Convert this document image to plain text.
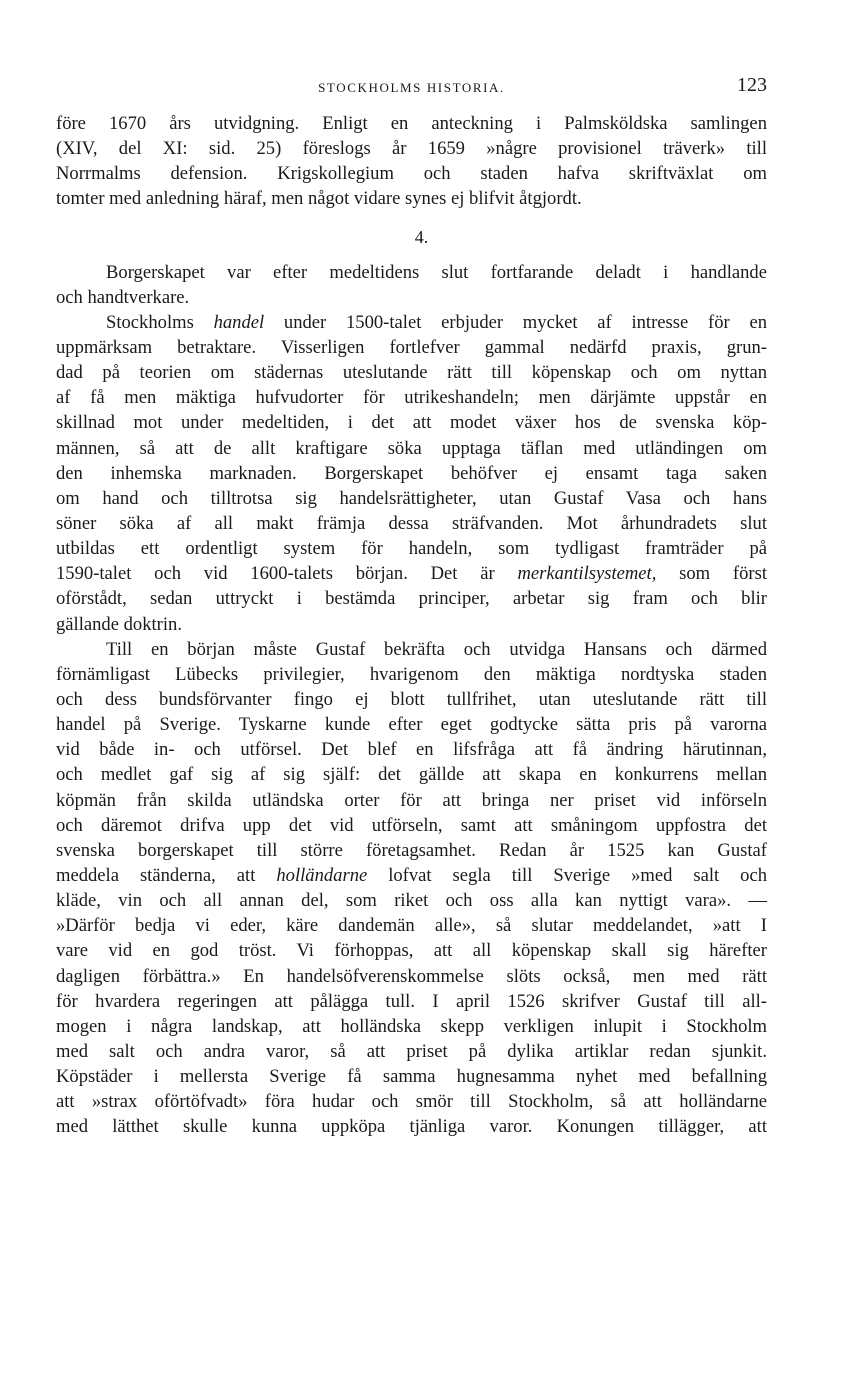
STOCKHOLMS HISTORIA.	123
före 1670 års utvidgning. Enligt en anteckning i Palmsköldska samlingen
(XIV, del XI: sid. 25) föreslogs år 1659 »någre provisionel träverk» till
Norrmalms defension. Krigskollegium och staden hafva skriftväxlat om
tomter med anledning häraf, men något vidare synes ej blifvit åtgjordt.
4.
Borgerskapet var efter medeltidens slut fortfarande deladt i handlande
och handtverkare.
Stockholms handel under 1500-talet erbjuder mycket af intresse för en
uppmärksam betraktare. Visserligen fortlefver gammal nedärfd praxis, grun-
dad på teorien om städernas uteslutande rätt till köpenskap och om nyttan
af få men mäktiga hufvudorter för utrikeshandeln; men därjämte uppstår en
skillnad mot under medeltiden, i det att modet växer hos de svenska köp-
männen, så att de allt kraftigare söka upptaga täflan med utländingen om
den inhemska marknaden. Borgerskapet behöfver ej ensamt taga saken
om hand och tilltrotsa sig handelsrättigheter, utan Gustaf Vasa och hans
söner söka af all makt främja dessa sträfvanden. Mot århundradets slut
utbildas ett ordentligt system för handeln, som tydligast framträder på
1590-talet och vid 1600-talets början. Det är merkantilsystemet, som först
oförstådt, sedan uttryckt i bestämda principer, arbetar sig fram och blir
gällande doktrin.
Till en början måste Gustaf bekräfta och utvidga Hansans och därmed
förnämligast Lübecks privilegier, hvarigenom den mäktiga nordtyska staden
och dess bundsförvanter fingo ej blott tullfrihet, utan uteslutande rätt till
handel på Sverige. Tyskarne kunde efter eget godtycke sätta pris på varorna
vid både in- och utförsel. Det blef en lifsfråga att få ändring härutinnan,
och medlet gaf sig af sig själf: det gällde att skapa en konkurrens mellan
köpmän från skilda utländska orter för att bringa ner priset vid införseln
och däremot drifva upp det vid utförseln, samt att småningom uppfostra det
svenska borgerskapet till större företagsamhet. Redan år 1525 kan Gustaf
meddela ständerna, att holländarne lofvat segla till Sverige »med salt och
kläde, vin och all annan del, som riket och oss alla kan nyttigt vara». —
»Därför bedja vi eder, käre dandemän alle», så slutar meddelandet, »att I
vare vid en god tröst. Vi förhoppas, att all köpenskap skall sig härefter
dagligen förbättra.» En handelsöfverenskommelse slöts också, men med rätt
för hvardera regeringen att pålägga tull. I april 1526 skrifver Gustaf till all-
mogen i några landskap, att holländska skepp verkligen inlupit i Stockholm
med salt och andra varor, så att priset på dylika artiklar redan sjunkit.
Köpstäder i mellersta Sverige få samma hugnesamma nyhet med befallning
att »strax oförtöfvadt» föra hudar och smör till Stockholm, så att holländarne
med lätthet skulle kunna uppköpa tjänliga varor. Konungen tillägger, att
